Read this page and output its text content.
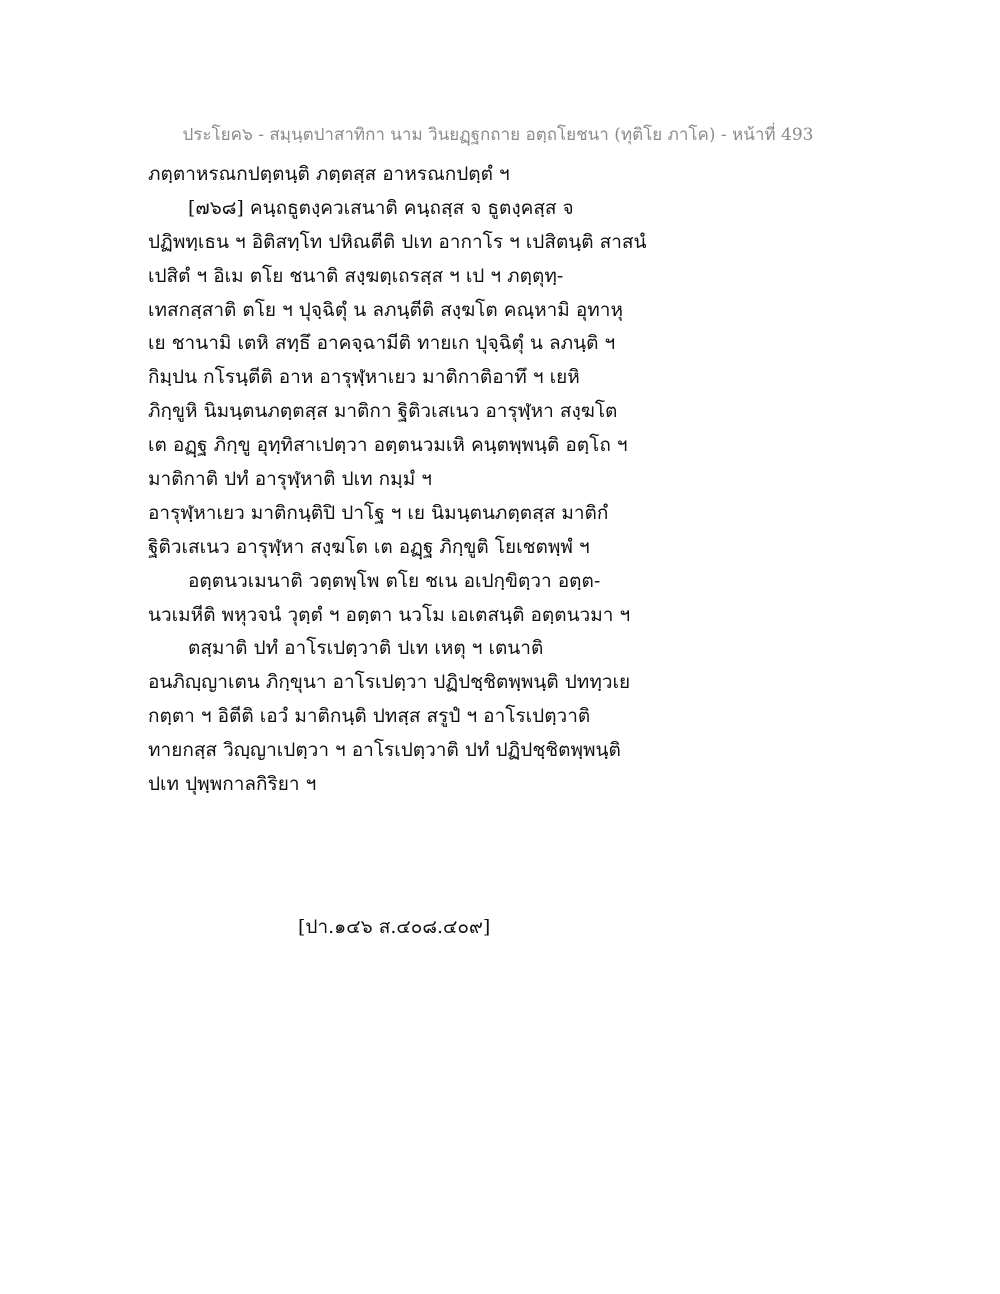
ประโยค๖ - สมฺนฺตปาสาทิกา นาม วินยฏฺฐกถาย อตฺถโยชนา (ทุติโย ภาโค) - หน้าที่ 493
ภตฺตาหรณกปตฺตนฺติ ภตฺตสฺส อาหรณกปตฺตํ ฯ
[๗๖๘] คนฺถธูตงฺควเสนาติ คนฺถสฺส จ ธูตงฺคสฺส จ
ปฏิพทฺเธน ฯ อิติสทฺโท ปหิณตีติ ปเท อากาโร ฯ เปสิตนฺติ สาสนํ
เปสิตํ ฯ อิเม ตโย ชนาติ สงฺฆตฺเถรสฺส ฯ เป ฯ ภตฺตุทฺ-
เทสกสฺสาติ ตโย ฯ ปุจฺฉิตุํ น ลภนฺตีติ สงฺฆโต คณฺหามิ อุทาหุ
เย ชานามิ เตหิ สทฺธึ อาคจฺฉามีติ ทายเก ปุจฺฉิตุํ น ลภนฺติ ฯ
กิมฺปน กโรนฺตีติ อาห อารุฬฺหาเยว มาติกาติอาทึ ฯ เยหิ
ภิกฺขูหิ นิมนฺตนภตฺตสฺส มาติกา ฐิติวเสเนว อารุฬฺหา สงฺฆโต
เต อฏฺฐ ภิกฺขู อุทฺทิสาเปตฺวา อตฺตนวมเหิ คนฺตพฺพนฺติ อตฺโถ ฯ
มาติกาติ ปทํ อารุฬฺหาติ ปเท กมฺมํ ฯ
อารุฬฺหาเยว มาติกนฺติปิ ปาโฐ ฯ เย นิมนฺตนภตฺตสฺส มาติกํ
ฐิติวเสเนว อารุฬฺหา สงฺฆโต เต อฏฺฐ ภิกฺขูติ โยเชตพฺพํ ฯ
อตฺตนวเมนาติ วตฺตพฺโพ ตโย ชเน อเปกฺขิตฺวา อตฺต-
นวเมหีติ พหุวจนํ วุตฺตํ ฯ อตฺตา นวโม เอเตสนฺติ อตฺตนวมา ฯ
ตสฺมาติ ปทํ อาโรเปตฺวาติ ปเท เหตุ ฯ เตนาติ
อนภิญฺญาเตน ภิกฺขุนา อาโรเปตฺวา ปฏิปชฺชิตพฺพนฺติ ปททฺวเย
กตฺตา ฯ อิตีติ เอวํ มาติกนฺติ ปทสฺส สรูปํ ฯ อาโรเปตฺวาติ
ทายกสฺส วิญฺญาเปตฺวา ฯ อาโรเปตฺวาติ ปทํ ปฏิปชฺชิตพฺพนฺติ
ปเท ปุพฺพกาลกิริยา ฯ
[ปา.๑๔๖ ส.๔๐๘.๔๐๙]
